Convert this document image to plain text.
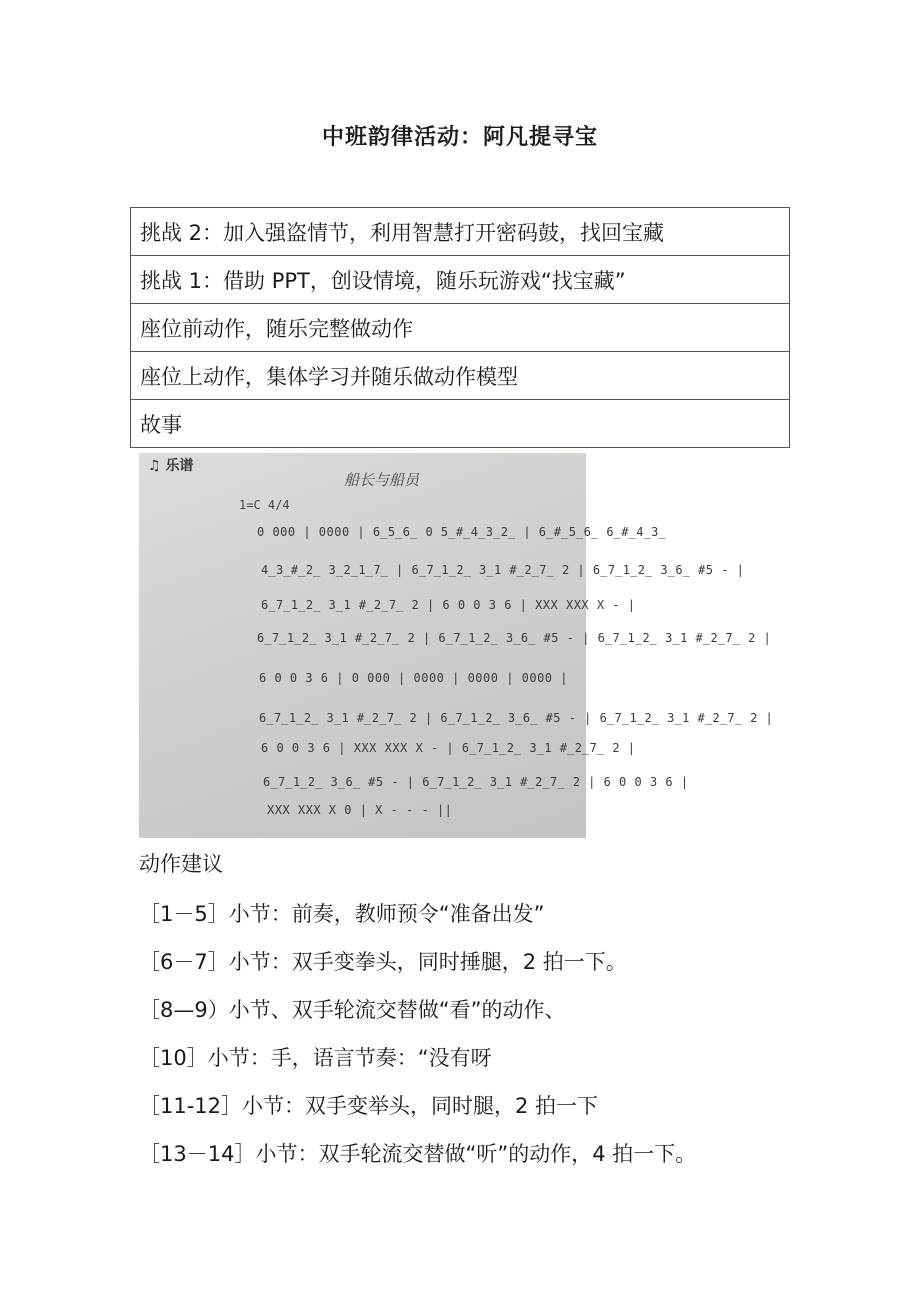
中班韵律活动：阿凡提寻宝
挑战 2：加入强盗情节，利用智慧打开密码鼓，找回宝藏
挑战 1：借助 PPT，创设情境，随乐玩游戏“找宝藏”
座位前动作，随乐完整做动作
座位上动作，集体学习并随乐做动作模型
故事
♫ 乐谱
船长与船员
1=C 4/4
0 000 | 0000 | 6̲5̲6̲ 0 5̲#̲4̲3̲2̲ | 6̲#̲5̲6̲ 6̲#̲4̲3̲
4̲3̲#̲2̲ 3̲2̲1̲7̲ | 6̲7̲1̲2̲ 3̲1 #̲2̲7̲ 2 | 6̲7̲1̲2̲ 3̲6̲ #5 - |
6̲7̲1̲2̲ 3̲1 #̲2̲7̲ 2 | 6 0 0 3 6 | XXX XXX X - |
6̲7̲1̲2̲ 3̲1 #̲2̲7̲ 2 | 6̲7̲1̲2̲ 3̲6̲ #5 - | 6̲7̲1̲2̲ 3̲1 #̲2̲7̲ 2 |
6 0 0 3 6 | 0 000 | 0000 | 0000 | 0000 |
6̲7̲1̲2̲ 3̲1 #̲2̲7̲ 2 | 6̲7̲1̲2̲ 3̲6̲ #5 - | 6̲7̲1̲2̲ 3̲1 #̲2̲7̲ 2 |
6 0 0 3 6 | XXX XXX X - | 6̲7̲1̲2̲ 3̲1 #̲2̲7̲ 2 |
6̲7̲1̲2̲ 3̲6̲ #5 - | 6̲7̲1̲2̲ 3̲1 #̲2̲7̲ 2 | 6 0 0 3 6 |
XXX XXX X 0 | X - - - ||
动作建议
［1－5］小节：前奏，教师预令“准备出发”
［6－7］小节：双手变拳头，同时捶腿，2 拍一下。
［8—9）小节、双手轮流交替做“看”的动作、
［10］小节：手，语言节奏：“没有呀
［11-12］小节：双手变举头，同时腿，2 拍一下
［13－14］小节：双手轮流交替做“听”的动作，4 拍一下。
